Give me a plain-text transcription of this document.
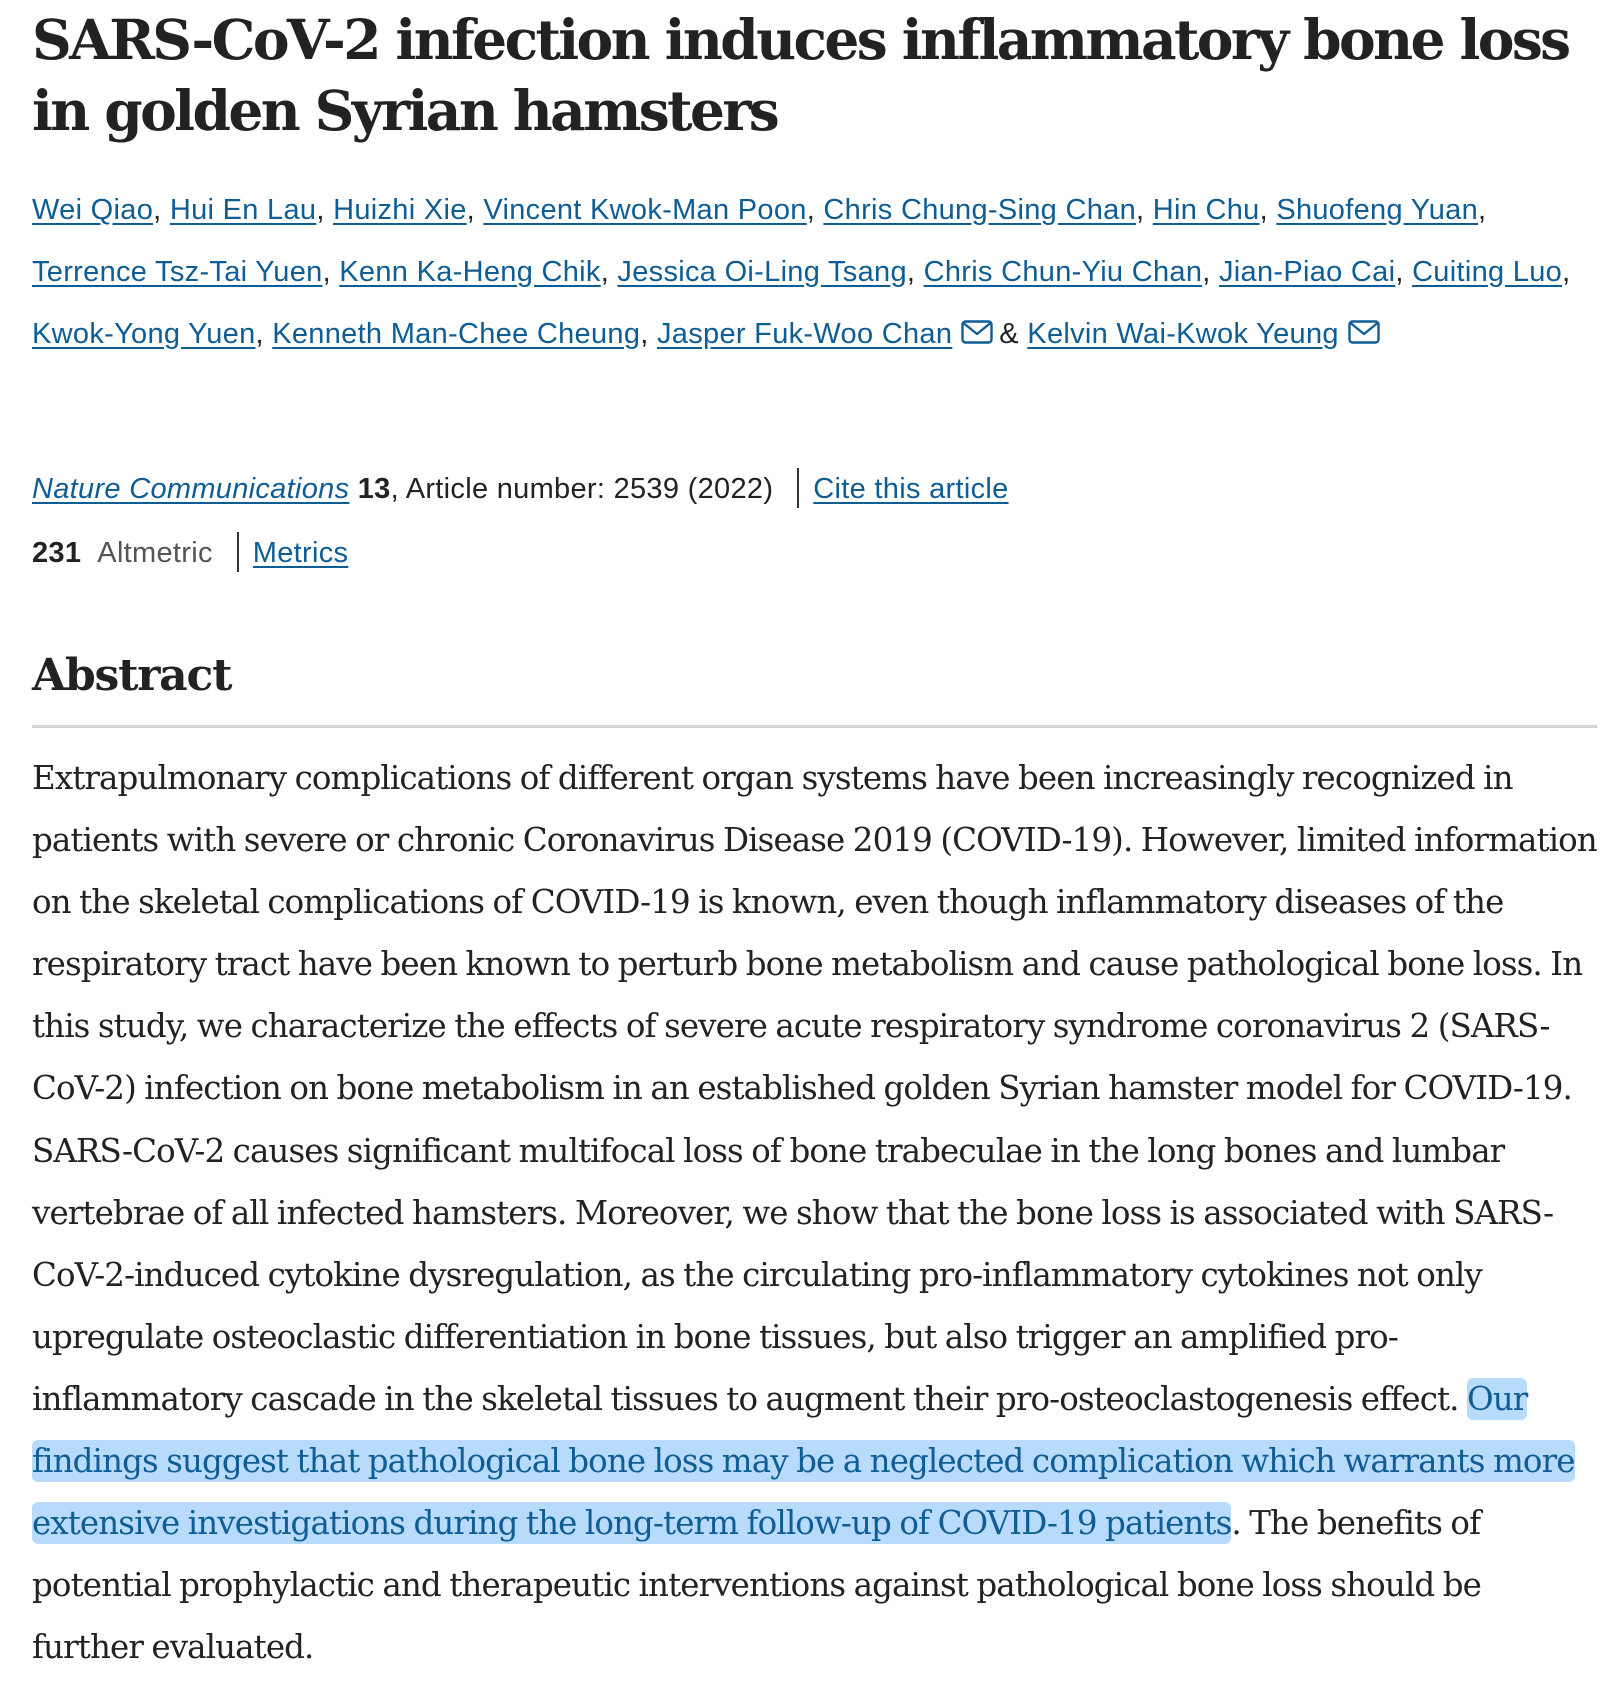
SARS-CoV-2 infection induces inflammatory bone loss in golden Syrian hamsters
Wei Qiao, Hui En Lau, Huizhi Xie, Vincent Kwok-Man Poon, Chris Chung-Sing Chan, Hin Chu, Shuofeng Yuan, Terrence Tsz-Tai Yuen, Kenn Ka-Heng Chik, Jessica Oi-Ling Tsang, Chris Chun-Yiu Chan, Jian-Piao Cai, Cuiting Luo, Kwok-Yong Yuen, Kenneth Man-Chee Cheung, Jasper Fuk-Woo Chan & Kelvin Wai-Kwok Yeung
Nature Communications 13, Article number: 2539 (2022) Cite this article
231 Altmetric Metrics
Abstract
Extrapulmonary complications of different organ systems have been increasingly recognized in patients with severe or chronic Coronavirus Disease 2019 (COVID-19). However, limited information on the skeletal complications of COVID-19 is known, even though inflammatory diseases of the respiratory tract have been known to perturb bone metabolism and cause pathological bone loss. In this study, we characterize the effects of severe acute respiratory syndrome coronavirus 2 (SARS-CoV-2) infection on bone metabolism in an established golden Syrian hamster model for COVID-19. SARS-CoV-2 causes significant multifocal loss of bone trabeculae in the long bones and lumbar vertebrae of all infected hamsters. Moreover, we show that the bone loss is associated with SARS-CoV-2-induced cytokine dysregulation, as the circulating pro-inflammatory cytokines not only upregulate osteoclastic differentiation in bone tissues, but also trigger an amplified pro-inflammatory cascade in the skeletal tissues to augment their pro-osteoclastogenesis effect. Our findings suggest that pathological bone loss may be a neglected complication which warrants more extensive investigations during the long-term follow-up of COVID-19 patients. The benefits of potential prophylactic and therapeutic interventions against pathological bone loss should be further evaluated.
